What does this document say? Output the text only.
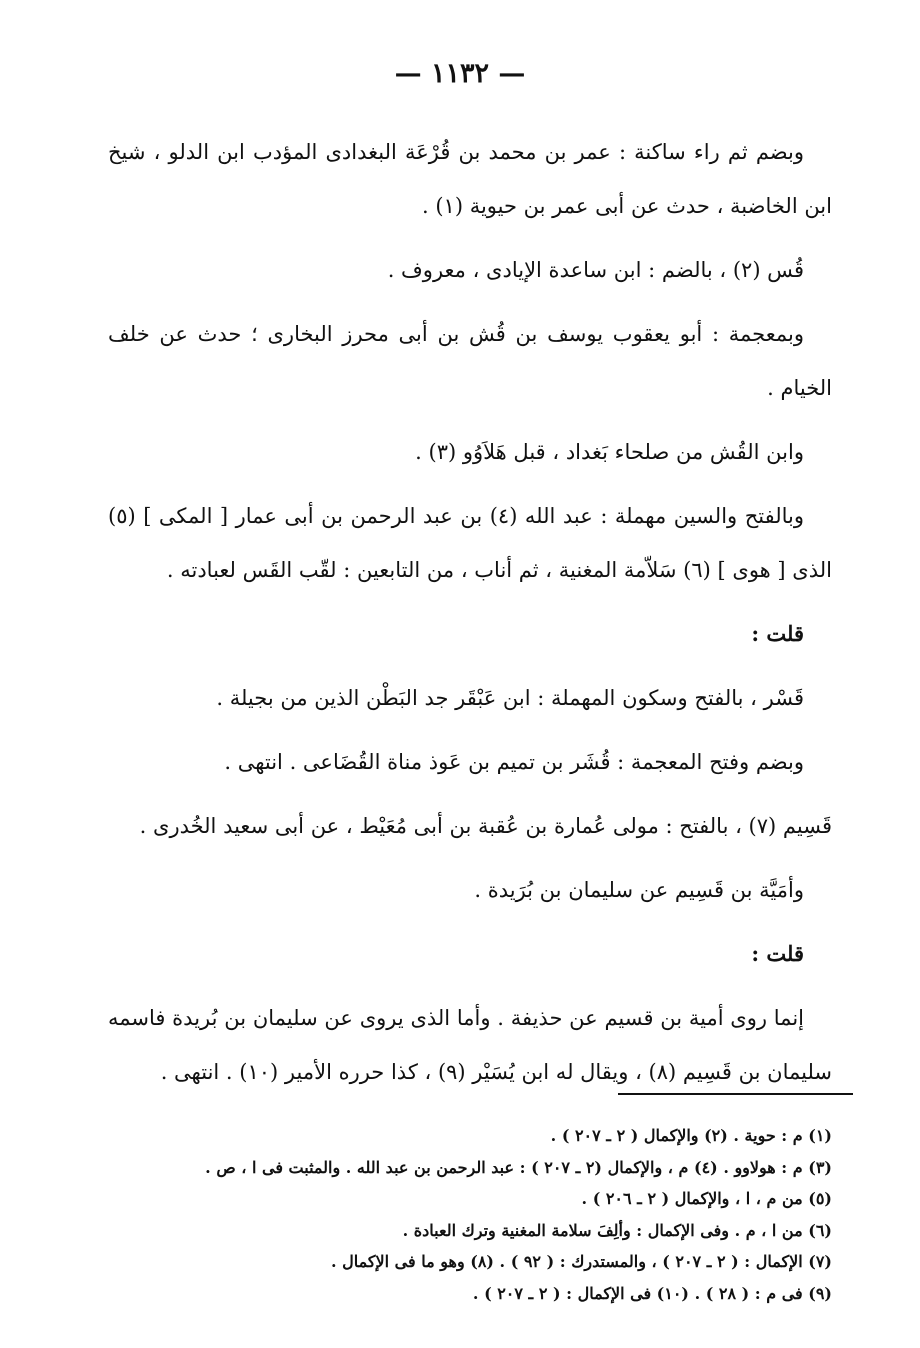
— ١١٣٢ —

وبضم ثم راء ساكنة : عمر بن محمد بن قُرْعَة البغدادى المؤدب ابن الدلو ، شيخ ابن الخاضبة ، حدث عن أبى عمر بن حيوية (١) .

قُس (٢) ، بالضم : ابن ساعدة الإيادى ، معروف .

وبمعجمة : أبو يعقوب يوسف بن قُش بن أبى محرز البخارى ؛ حدث عن خلف الخيام .

وابن القُش من صلحاء بَغداد ، قبل هَلاَوُو (٣) .

وبالفتح والسين مهملة : عبد الله (٤) بن عبد الرحمن بن أبى عمار [ المكى ] (٥) الذى [ هوى ] (٦) سَلاّمة المغنية ، ثم أناب ، من التابعين : لقّب القَس لعبادته .

قلت :

قَسْر ، بالفتح وسكون المهملة : ابن عَبْقَر جد البَطْن الذين من بجيلة .

وبضم وفتح المعجمة : قُشَر بن تميم بن عَوذ مناة القُضَاعى . انتهى .

قَسِيم (٧) ، بالفتح : مولى عُمارة بن عُقبة بن أبى مُعَيْط ، عن أبى سعيد الخُدرى .

وأمَيَّة بن قَسِيم عن سليمان بن بُرَيدة .

قلت :

إنما روى أمية بن قسيم عن حذيفة . وأما الذى يروى عن سليمان بن بُريدة فاسمه سليمان بن قَسِيم (٨) ، ويقال له ابن يُسَيْر (٩) ، كذا حرره الأمير (١٠) . انتهى .

(١) م : حوية . (٢) والإكمال ( ٢ ـ ٢٠٧ ) .
(٣) م : هولاوو . (٤) م ، والإكمال (٢ ـ ٢٠٧ ) : عبد الرحمن بن عبد الله . والمثبت فى ا ، ص .
(٥) من م ، ا ، والإكمال ( ٢ ـ ٢٠٦ ) .
(٦) من ا ، م . وفى الإكمال : وألِفَ سلامة المغنية وترك العبادة .
(٧) الإكمال : ( ٢ ـ ٢٠٧ ) ، والمستدرك : ( ٩٢ ) . (٨) وهو ما فى الإكمال .
(٩) فى م : ( ٢٨ ) . (١٠) فى الإكمال : ( ٢ ـ ٢٠٧ ) .
